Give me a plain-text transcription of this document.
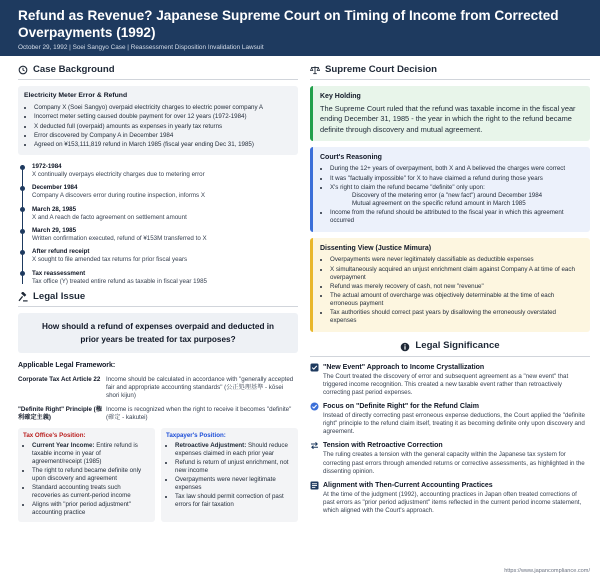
Refund as Revenue? Japanese Supreme Court on Timing of Income from Corrected Overpayments (1992)
October 29, 1992 | Soei Sangyo Case | Reassessment Disposition Invalidation Lawsuit
Case Background
Electricity Meter Error & Refund
• Company X (Soei Sangyo) overpaid electricity charges to electric power company A
• Incorrect meter setting caused double payment for over 12 years (1972-1984)
• X deducted full (overpaid) amounts as expenses in yearly tax returns
• Error discovered by Company A in December 1984
• Agreed on ¥153,111,819 refund in March 1985 (fiscal year ending Dec 31, 1985)
1972-1984
X continually overpays electricity charges due to metering error
December 1984
Company A discovers error during routine inspection, informs X
March 28, 1985
X and A reach de facto agreement on settlement amount
March 29, 1985
Written confirmation executed, refund of ¥153M transferred to X
After refund receipt
X sought to file amended tax returns for prior fiscal years
Tax reassessment
Tax office (Y) treated entire refund as taxable in fiscal year 1985
Legal Issue
How should a refund of expenses overpaid and deducted in prior years be treated for tax purposes?
Applicable Legal Framework:
Corporate Tax Act Article 22 Income should be calculated in accordance with "generally accepted fair and appropriate accounting standards" (公正処理基準 - kōsei shori kijun)
"Definite Right" Principle (権利確定主義)
Income is recognized when the right to receive it becomes "definite" (確定 - kakutei)
Tax Office's Position:
• Current Year Income: Entire refund is taxable income in year of agreement/receipt (1985)
• The right to refund became definite only upon discovery and agreement
• Standard accounting treats such recoveries as current-period income
• Aligns with "prior period adjustment" accounting practice
Taxpayer's Position:
• Retroactive Adjustment: Should reduce expenses claimed in each prior year
• Refund is return of unjust enrichment, not new income
• Overpayments were never legitimate expenses
• Tax law should permit correction of past errors for fair taxation
Supreme Court Decision
Key Holding

The Supreme Court ruled that the refund was taxable income in the fiscal year ending December 31, 1985 - the year in which the right to the refund became definite through discovery and mutual agreement.

Court's Reasoning
• During the 12+ years of overpayment, both X and A believed the charges were correct
• It was "factually impossible" for X to have claimed a refund during those years
• X's right to claim the refund became "definite" only upon:
Discovery of the metering error (a "new fact") around December 1984
Mutual agreement on the specific refund amount in March 1985
• Income from the refund should be attributed to the fiscal year in which this agreement occurred
Dissenting View (Justice Mimura)
• Overpayments were never legitimately classifiable as deductible expenses
• X simultaneously acquired an unjust enrichment claim against Company A at time of each overpayment
• Refund was merely recovery of cash, not new "revenue"
• The actual amount of overcharge was objectively determinable at the time of each erroneous payment
• Tax authorities should correct past years by disallowing the erroneously overstated expenses
Legal Significance
"New Event" Approach to Income Crystallization
The Court treated the discovery of error and subsequent agreement as a "new event" that triggered income recognition. This created a new taxable event rather than retroactively correcting past period expenses.
Focus on "Definite Right" for the Refund Claim
Instead of directly correcting past erroneous expense deductions, the Court applied the "definite right" principle to the refund claim itself, treating it as becoming definite only upon discovery and agreement.
Tension with Retroactive Correction
The ruling creates a tension with the general capacity within the Japanese tax system for correcting past errors through amended returns or corrective assessments, as highlighted in the dissenting opinion.
Alignment with Then-Current Accounting Practices
At the time of the judgment (1992), accounting practices in Japan often treated corrections of past errors as "prior period adjustment" items reflected in the current period income statement, which aligned with the Court's approach.
https://www.japancompliance.com/
